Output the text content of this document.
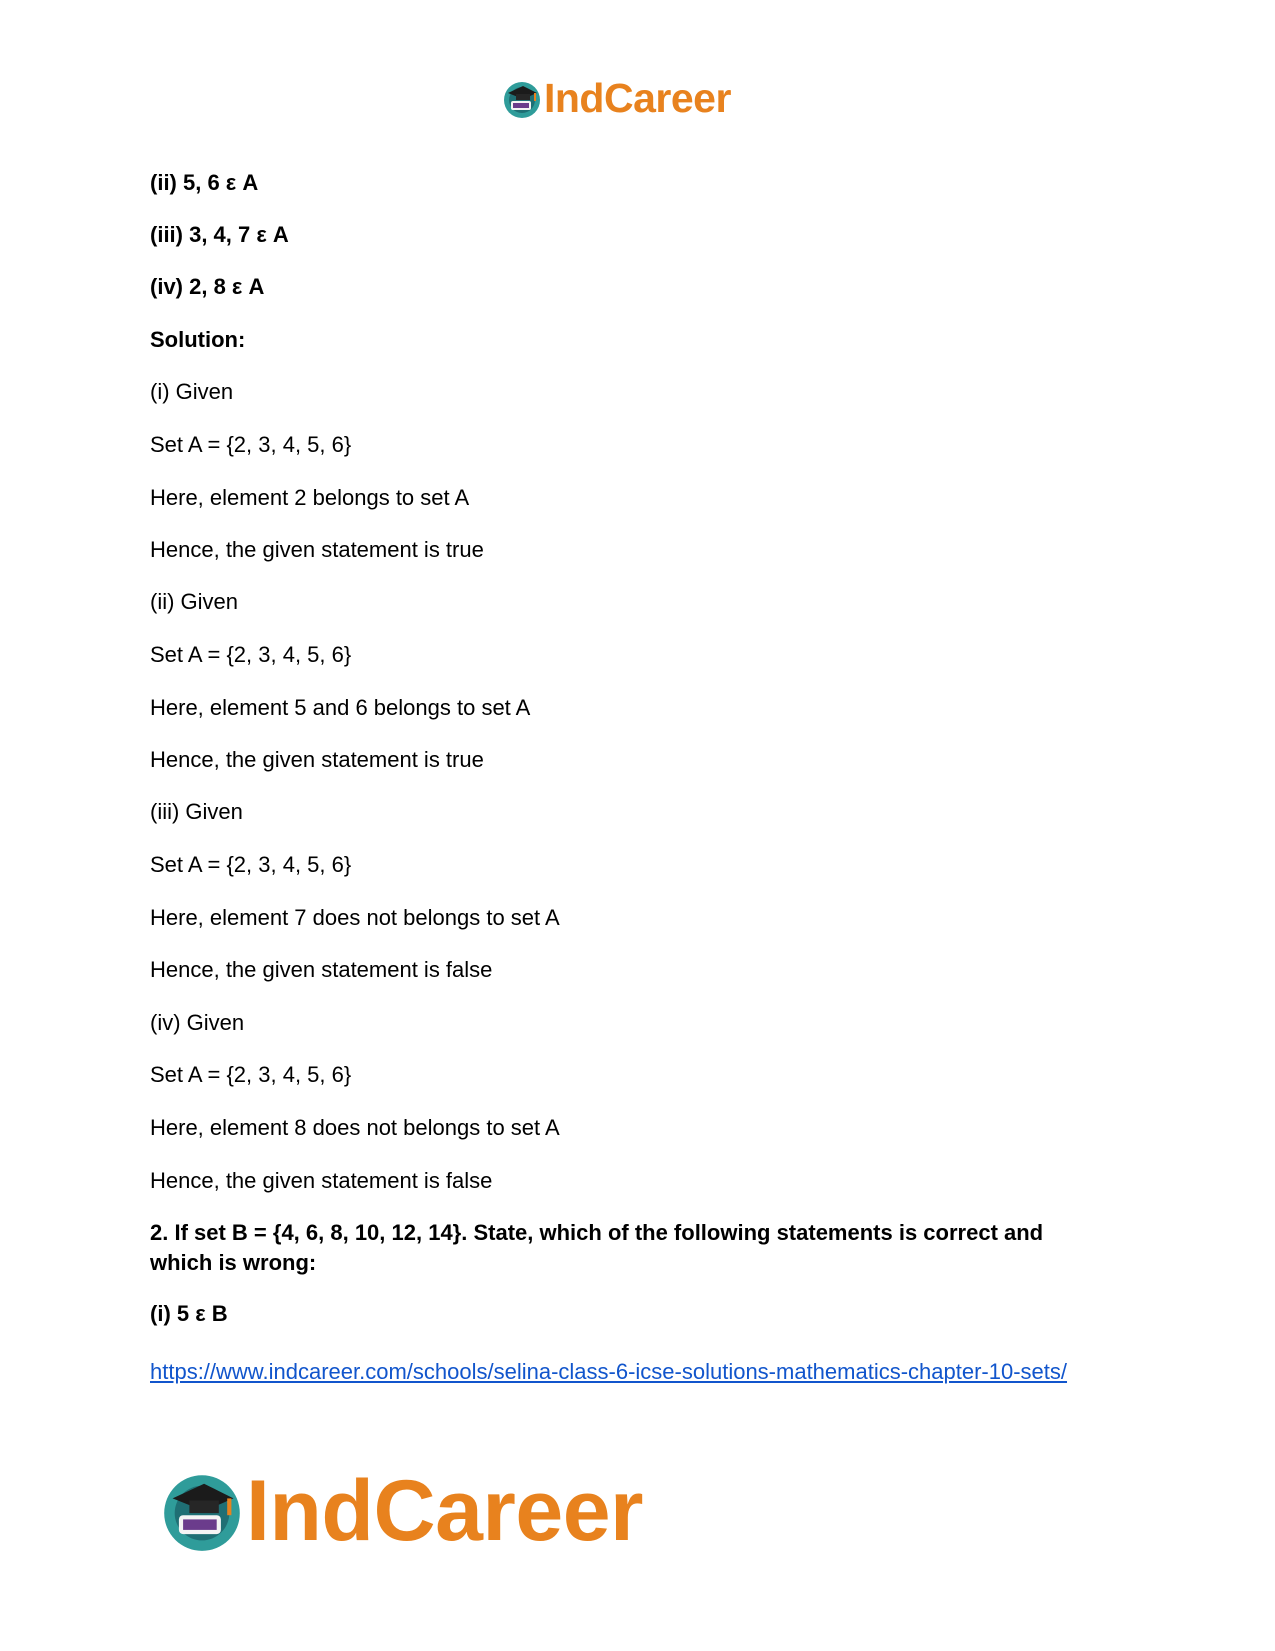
IndCareer

(ii) 5, 6 ε A

(iii) 3, 4, 7 ε A

(iv) 2, 8 ε A

Solution:

(i) Given

Set A = {2, 3, 4, 5, 6}

Here, element 2 belongs to set A

Hence, the given statement is true

(ii) Given

Set A = {2, 3, 4, 5, 6}

Here, element 5 and 6 belongs to set A

Hence, the given statement is true

(iii) Given

Set A = {2, 3, 4, 5, 6}

Here, element 7 does not belongs to set A

Hence, the given statement is false

(iv) Given

Set A = {2, 3, 4, 5, 6}

Here, element 8 does not belongs to set A

Hence, the given statement is false

2. If set B = {4, 6, 8, 10, 12, 14}. State, which of the following statements is correct and which is wrong:

(i) 5 ε B

https://www.indcareer.com/schools/selina-class-6-icse-solutions-mathematics-chapter-10-sets/
IndCareer
